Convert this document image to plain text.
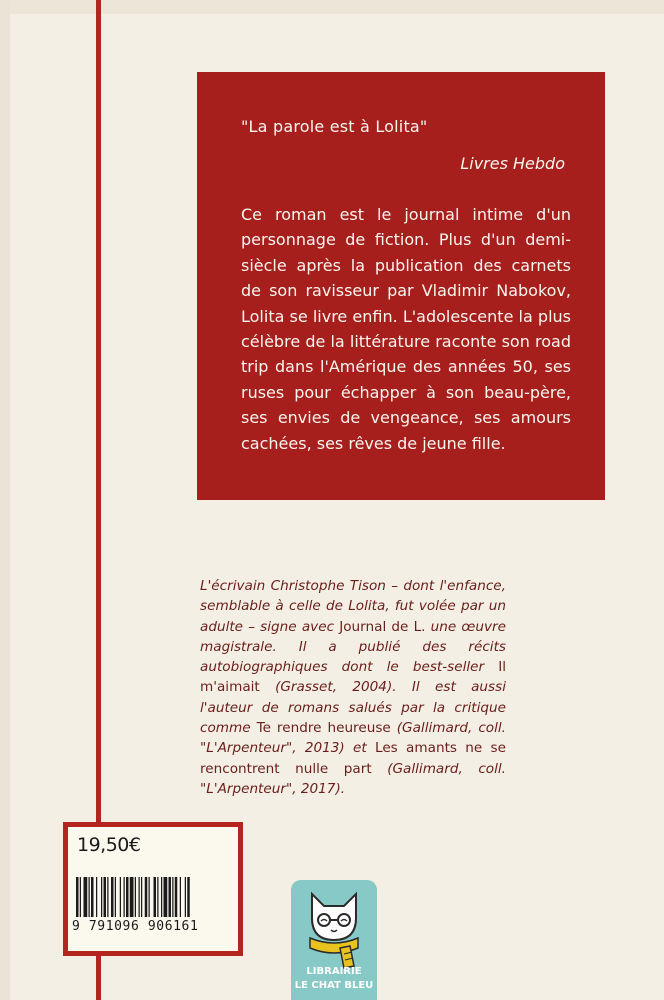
"La parole est à Lolita"
Livres Hebdo

Ce roman est le journal intime d'un personnage de fiction. Plus d'un demi-siècle après la publication des carnets de son ravisseur par Vladimir Nabokov, Lolita se livre enfin. L'adolescente la plus célèbre de la littérature raconte son road trip dans l'Amérique des années 50, ses ruses pour échapper à son beau-père, ses envies de vengeance, ses amours cachées, ses rêves de jeune fille.

L'écrivain Christophe Tison – dont l'enfance, semblable à celle de Lolita, fut volée par un adulte – signe avec Journal de L. une œuvre magistrale. Il a publié des récits autobiographiques dont le best-seller Il m'aimait (Grasset, 2004). Il est aussi l'auteur de romans salués par la critique comme Te rendre heureuse (Gallimard, coll. "L'Arpenteur", 2013) et Les amants ne se rencontrent nulle part (Gallimard, coll. "L'Arpenteur", 2017).

19,50€
9 791096 906161
LIBRAIRIE
LE CHAT BLEU
